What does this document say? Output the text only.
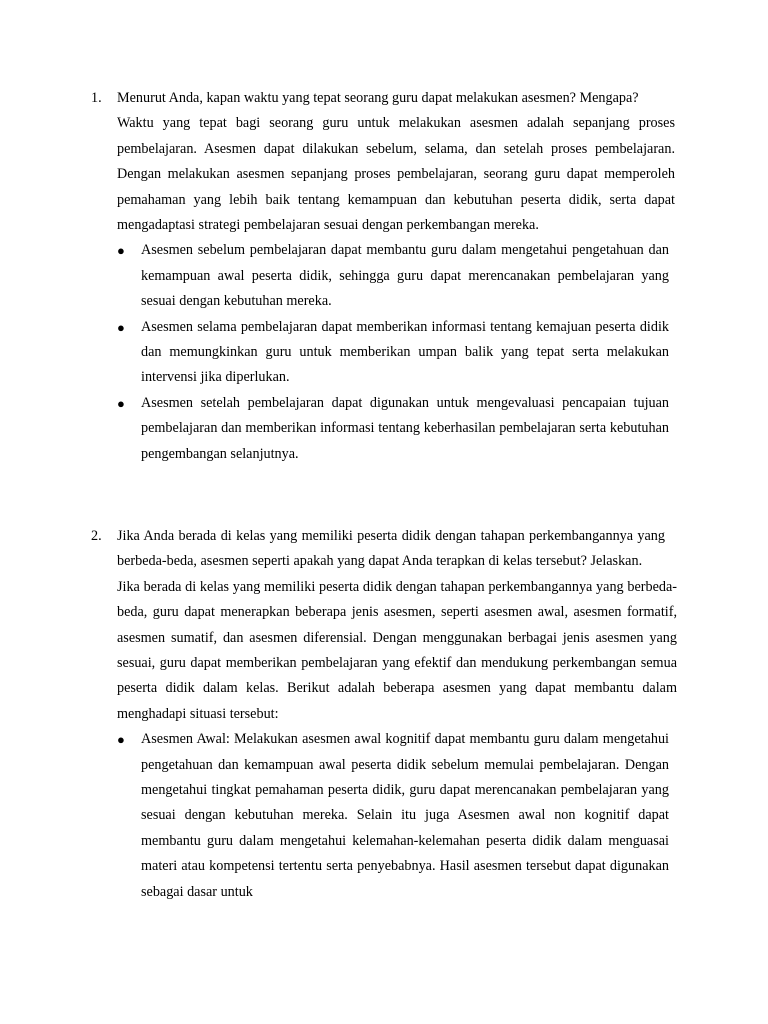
1. Menurut Anda, kapan waktu yang tepat seorang guru dapat melakukan asesmen? Mengapa?
Waktu yang tepat bagi seorang guru untuk melakukan asesmen adalah sepanjang proses pembelajaran. Asesmen dapat dilakukan sebelum, selama, dan setelah proses pembelajaran. Dengan melakukan asesmen sepanjang proses pembelajaran, seorang guru dapat memperoleh pemahaman yang lebih baik tentang kemampuan dan kebutuhan peserta didik, serta dapat mengadaptasi strategi pembelajaran sesuai dengan perkembangan mereka.
● Asesmen sebelum pembelajaran dapat membantu guru dalam mengetahui pengetahuan dan kemampuan awal peserta didik, sehingga guru dapat merencanakan pembelajaran yang sesuai dengan kebutuhan mereka.
● Asesmen selama pembelajaran dapat memberikan informasi tentang kemajuan peserta didik dan memungkinkan guru untuk memberikan umpan balik yang tepat serta melakukan intervensi jika diperlukan.
● Asesmen setelah pembelajaran dapat digunakan untuk mengevaluasi pencapaian tujuan pembelajaran dan memberikan informasi tentang keberhasilan pembelajaran serta kebutuhan pengembangan selanjutnya.
2. Jika Anda berada di kelas yang memiliki peserta didik dengan tahapan perkembangannya yang berbeda-beda, asesmen seperti apakah yang dapat Anda terapkan di kelas tersebut? Jelaskan.
Jika berada di kelas yang memiliki peserta didik dengan tahapan perkembangannya yang berbeda-beda, guru dapat menerapkan beberapa jenis asesmen, seperti asesmen awal, asesmen formatif, asesmen sumatif, dan asesmen diferensial. Dengan menggunakan berbagai jenis asesmen yang sesuai, guru dapat memberikan pembelajaran yang efektif dan mendukung perkembangan semua peserta didik dalam kelas. Berikut adalah beberapa asesmen yang dapat membantu dalam menghadapi situasi tersebut:
● Asesmen Awal: Melakukan asesmen awal kognitif dapat membantu guru dalam mengetahui pengetahuan dan kemampuan awal peserta didik sebelum memulai pembelajaran. Dengan mengetahui tingkat pemahaman peserta didik, guru dapat merencanakan pembelajaran yang sesuai dengan kebutuhan mereka. Selain itu juga Asesmen awal non kognitif dapat membantu guru dalam mengetahui kelemahan-kelemahan peserta didik dalam menguasai materi atau kompetensi tertentu serta penyebabnya. Hasil asesmen tersebut dapat digunakan sebagai dasar untuk
